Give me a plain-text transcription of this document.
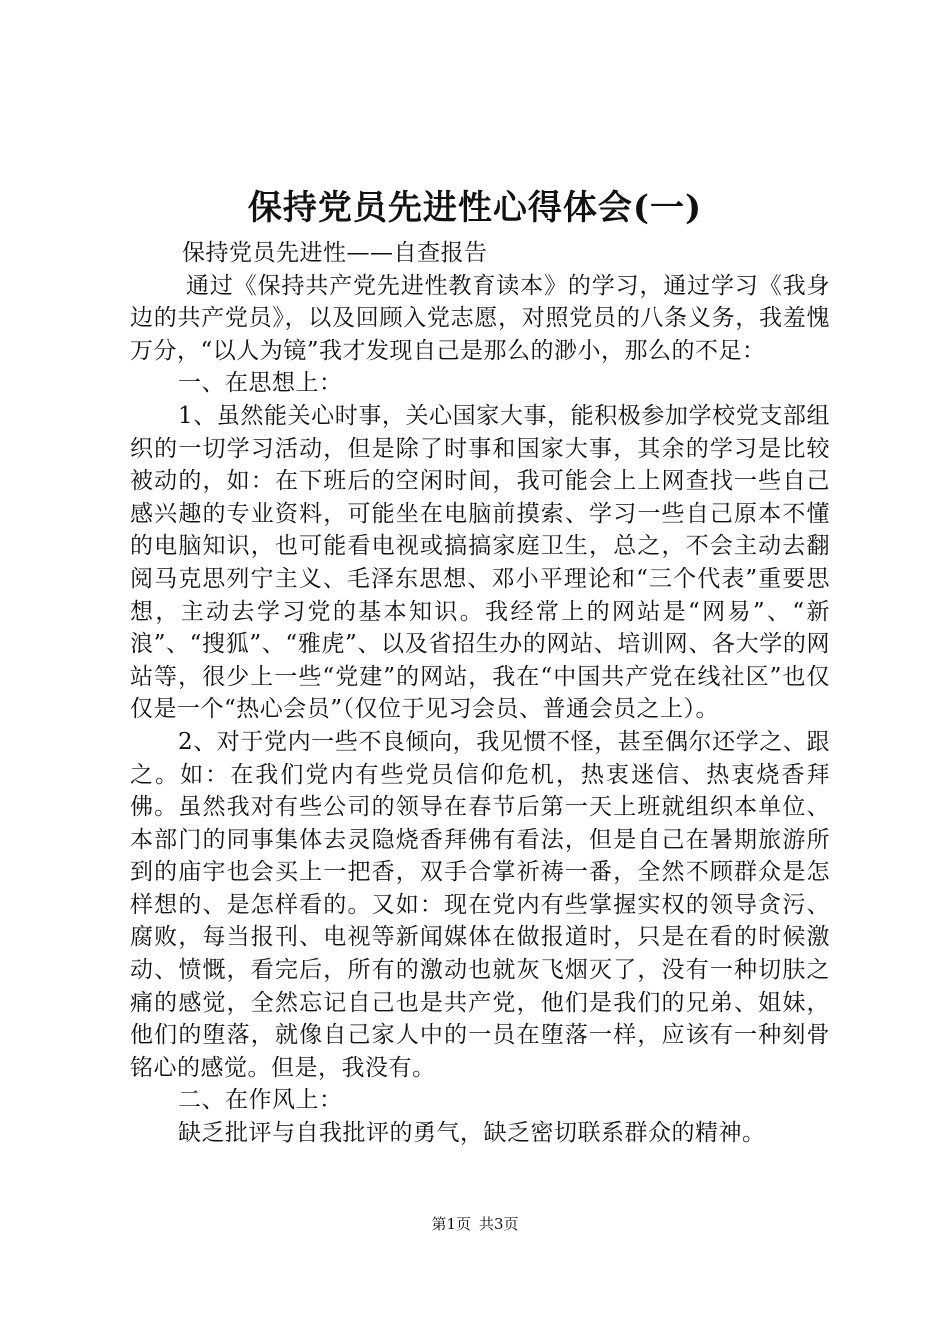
保持党员先进性心得体会(一)

保持党员先进性——自查报告

通过《保持共产党先进性教育读本》的学习，通过学习《我身边的共产党员》，以及回顾入党志愿，对照党员的八条义务，我羞愧万分，“以人为镜”我才发现自己是那么的渺小，那么的不足：

一、在思想上：

1、虽然能关心时事，关心国家大事，能积极参加学校党支部组织的一切学习活动，但是除了时事和国家大事，其余的学习是比较被动的，如：在下班后的空闲时间，我可能会上上网查找一些自己感兴趣的专业资料，可能坐在电脑前摸索、学习一些自己原本不懂的电脑知识，也可能看电视或搞搞家庭卫生，总之，不会主动去翻阅马克思列宁主义、毛泽东思想、邓小平理论和“三个代表”重要思想，主动去学习党的基本知识。我经常上的网站是“网易”、“新浪”、“搜狐”、“雅虎”、以及省招生办的网站、培训网、各大学的网站等，很少上一些“党建”的网站，我在“中国共产党在线社区”也仅仅是一个“热心会员”（仅位于见习会员、普通会员之上）。

2、对于党内一些不良倾向，我见惯不怪，甚至偶尔还学之、跟之。如：在我们党内有些党员信仰危机，热衷迷信、热衷烧香拜佛。虽然我对有些公司的领导在春节后第一天上班就组织本单位、本部门的同事集体去灵隐烧香拜佛有看法，但是自己在暑期旅游所到的庙宇也会买上一把香，双手合掌祈祷一番，全然不顾群众是怎样想的、是怎样看的。又如：现在党内有些掌握实权的领导贪污、腐败，每当报刊、电视等新闻媒体在做报道时，只是在看的时候激动、愤慨，看完后，所有的激动也就灰飞烟灭了，没有一种切肤之痛的感觉，全然忘记自己也是共产党，他们是我们的兄弟、姐妹，他们的堕落，就像自己家人中的一员在堕落一样，应该有一种刻骨铭心的感觉。但是，我没有。

二、在作风上：

缺乏批评与自我批评的勇气，缺乏密切联系群众的精神。

第1页 共3页
